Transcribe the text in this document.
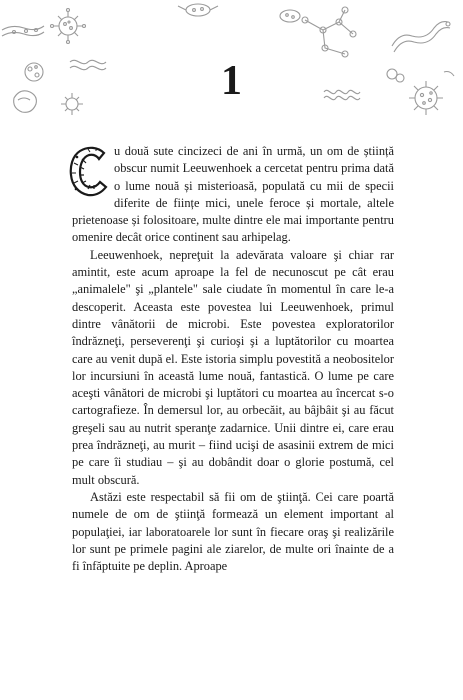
1

u două sute cincizeci de ani în urmă, un om de știință obscur numit Leeuwenhoek a cercetat pentru prima dată o lume nouă și misterioasă, populată cu mii de specii diferite de ființe mici, unele feroce și mortale, altele prietenoase și folositoare, multe dintre ele mai importante pentru omenire decât orice continent sau arhipelag.

Leeuwenhoek, nepreţuit la adevărata valoare şi chiar rar amintit, este acum aproape la fel de necunoscut pe cât erau „animalele" şi „plantele" sale ciudate în momentul în care le-a descoperit. Aceasta este povestea lui Leeuwenhoek, primul dintre vânătorii de microbi. Este povestea exploratorilor îndrăzneţi, perseverenţi şi curioşi şi a luptătorilor cu moartea care au venit după el. Este istoria simplu povestită a neobositelor lor incursiuni în această lume nouă, fantastică. O lume pe care aceşti vânători de microbi şi luptători cu moartea au încercat s-o cartografieze. În demersul lor, au orbecăit, au bâjbâit şi au făcut greşeli sau au nutrit speranţe zadarnice. Unii dintre ei, care erau prea îndrăzneţi, au murit – fiind ucişi de asasinii extrem de mici pe care îi studiau – şi au dobândit doar o glorie postumă, cel mult obscură.

Astăzi este respectabil să fii om de ştiinţă. Cei care poartă numele de om de ştiinţă formează un element important al populaţiei, iar laboratoarele lor sunt în fiecare oraş şi realizările lor sunt pe primele pagini ale ziarelor, de multe ori înainte de a fi înfăptuite pe deplin. Aproape
